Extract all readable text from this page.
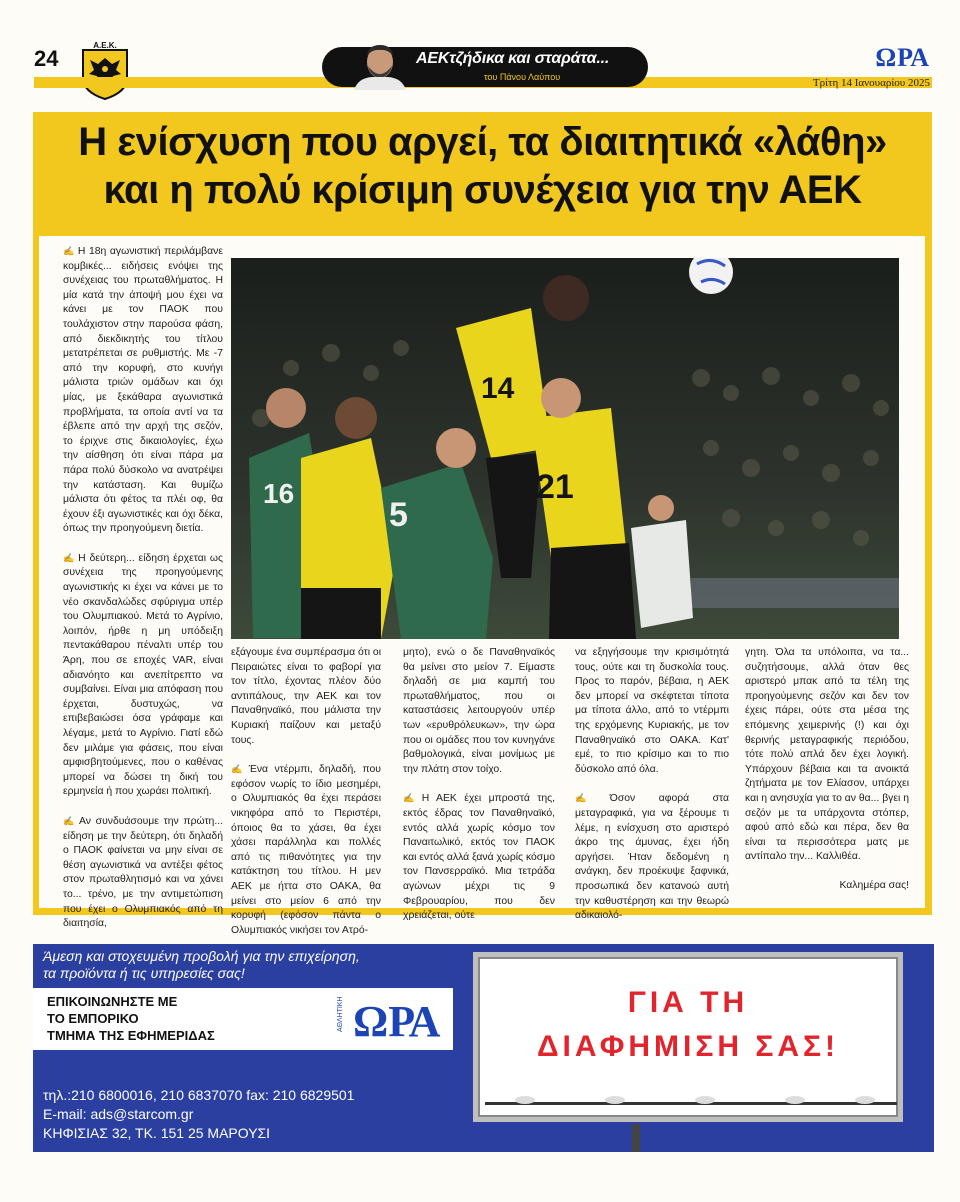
24
Α.Ε.Κ.
ΑΕΚτζήδικα και σταράτα...
του Πάνου Λαύπου
ΩΡΑ
Τρίτη 14 Ιανουαρίου 2025
Η ενίσχυση που αργεί, τα διαιτητικά «λάθη»
και η πολύ κρίσιμη συνέχεια για την ΑΕΚ
16
5
14
21

✍ Η 18η αγωνιστική περιλάμβανε κομβικές... ειδήσεις ενόψει της συνέχειας του πρωταθλήματος. Η μία κατά την άποψή μου έχει να κάνει με τον ΠΑΟΚ που τουλάχιστον στην παρούσα φάση, από διεκδικητής του τίτλου μετατρέπεται σε ρυθμιστής. Με -7 από την κορυφή, στο κυνήγι μάλιστα τριών ομάδων και όχι μίας, με ξεκάθαρα αγωνιστικά προβλήματα, τα οποία αντί να τα έβλεπε από την αρχή της σεζόν, το έριχνε στις δικαιολογίες, έχω την αίσθηση ότι είναι πάρα μα πάρα πολύ δύσκολο να ανατρέψει την κατάσταση. Και θυμίζω μάλιστα ότι φέτος τα πλέι οφ, θα έχουν έξι αγωνιστικές και όχι δέκα, όπως την προηγούμενη διετία.

✍ Η δεύτερη... είδηση έρχεται ως συνέχεια της προηγούμενης αγωνιστικής κι έχει να κάνει με το νέο σκανδαλώδες σφύριγμα υπέρ του Ολυμπιακού. Μετά το Αγρίνιο, λοιπόν, ήρθε η μη υπόδειξη πεντακάθαρου πέναλτι υπέρ του Άρη, που σε εποχές VAR, είναι αδιανόητο και ανεπίτρεπτο να συμβαίνει. Είναι μια απόφαση που έρχεται, δυστυχώς, να επιβεβαιώσει όσα γράφαμε και λέγαμε, μετά το Αγρίνιο. Γιατί εδώ δεν μιλάμε για φάσεις, που είναι αμφισβητούμενες, που ο καθένας μπορεί να δώσει τη δική του ερμηνεία ή που χωράει πολιτική.

✍ Αν συνδυάσουμε την πρώτη... είδηση με την δεύτερη, ότι δηλαδή ο ΠΑΟΚ φαίνεται να μην είναι σε θέση αγωνιστικά να αντέξει φέτος στον πρωταθλητισμό και να χάνει το... τρένο, με την αντιμετώπιση που έχει ο Ολυμπιακός από τη διαιτησία,

εξάγουμε ένα συμπέρασμα ότι οι Πειραιώτες είναι το φαβορί για τον τίτλο, έχοντας πλέον δύο αντιπάλους, την ΑΕΚ και τον Παναθηναϊκό, που μάλιστα την Κυριακή παίζουν και μεταξύ τους.

✍ Ένα ντέρμπι, δηλαδή, που εφόσον νωρίς το ίδιο μεσημέρι, ο Ολυμπιακός θα έχει περάσει νικηφόρα από το Περιστέρι, όποιος θα το χάσει, θα έχει χάσει παράλληλα και πολλές από τις πιθανότητες για την κατάκτηση του τίτλου. Η μεν ΑΕΚ με ήττα στο ΟΑΚΑ, θα μείνει στο μείον 6 από την κορυφή (εφόσον πάντα ο Ολυμπιακός νικήσει τον Ατρό-

μητο), ενώ ο δε Παναθηναϊκός θα μείνει στο μείον 7. Είμαστε δηλαδή σε μια καμπή του πρωταθλήματος, που οι καταστάσεις λειτουργούν υπέρ των «ερυθρόλευκων», την ώρα που οι ομάδες που τον κυνηγάνε βαθμολογικά, είναι μονίμως με την πλάτη στον τοίχο.

✍ Η ΑΕΚ έχει μπροστά της, εκτός έδρας τον Παναθηναϊκό, εντός αλλά χωρίς κόσμο τον Παναιτωλικό, εκτός τον ΠΑΟΚ και εντός αλλά ξανά χωρίς κόσμο τον Πανσερραϊκό. Μια τετράδα αγώνων μέχρι τις 9 Φεβρουαρίου, που δεν χρειάζεται, ούτε

να εξηγήσουμε την κρισιμότητά τους, ούτε και τη δυσκολία τους. Προς το παρόν, βέβαια, η ΑΕΚ δεν μπορεί να σκέφτεται τίποτα μα τίποτα άλλο, από το ντέρμπι της ερχόμενης Κυριακής, με τον Παναθηναϊκό στο ΟΑΚΑ. Κατ' εμέ, το πιο κρίσιμο και το πιο δύσκολο από όλα.

✍ Όσον αφορά στα μεταγραφικά, για να ξέρουμε τι λέμε, η ενίσχυση στο αριστερό άκρο της άμυνας, έχει ήδη αργήσει. Ήταν δεδομένη η ανάγκη, δεν προέκυψε ξαφνικά, προσωπικά δεν κατανοώ αυτή την καθυστέρηση και την θεωρώ αδικαιολό-

γητη. Όλα τα υπόλοιπα, να τα... συζητήσουμε, αλλά όταν θες αριστερό μπακ από τα τέλη της προηγούμενης σεζόν και δεν τον έχεις πάρει, ούτε στα μέσα της επόμενης χειμερινής (!) και όχι θερινής μεταγραφικής περιόδου, τότε πολύ απλά δεν έχει λογική. Υπάρχουν βέβαια και τα ανοικτά ζητήματα με τον Ελίασον, υπάρχει και η ανησυχία για το αν θα... βγει η σεζόν με τα υπάρχοντα στόπερ, αφού από εδώ και πέρα, δεν θα είναι τα περισσότερα ματς με αντίπαλο την... Καλλιθέα.

Καλημέρα σας!
Άμεση και στοχευμένη προβολή για την επιχείρηση,
τα προϊόντα ή τις υπηρεσίες σας!
ΕΠΙΚΟΙΝΩΝΗΣΤΕ ΜΕ
ΤΟ ΕΜΠΟΡΙΚΟ
ΤΜΗΜΑ ΤΗΣ ΕΦΗΜΕΡΙΔΑΣ
ΑΘΛΗΤΙΚΗ ΩΡΑ
τηλ.:210 6800016, 210 6837070 fax: 210 6829501
E-mail: ads@starcom.gr
ΚΗΦΙΣΙΑΣ 32, ΤΚ. 151 25 ΜΑΡΟΥΣΙ
ΓΙΑ ΤΗ
ΔΙΑΦΗΜΙΣΗ ΣΑΣ!
